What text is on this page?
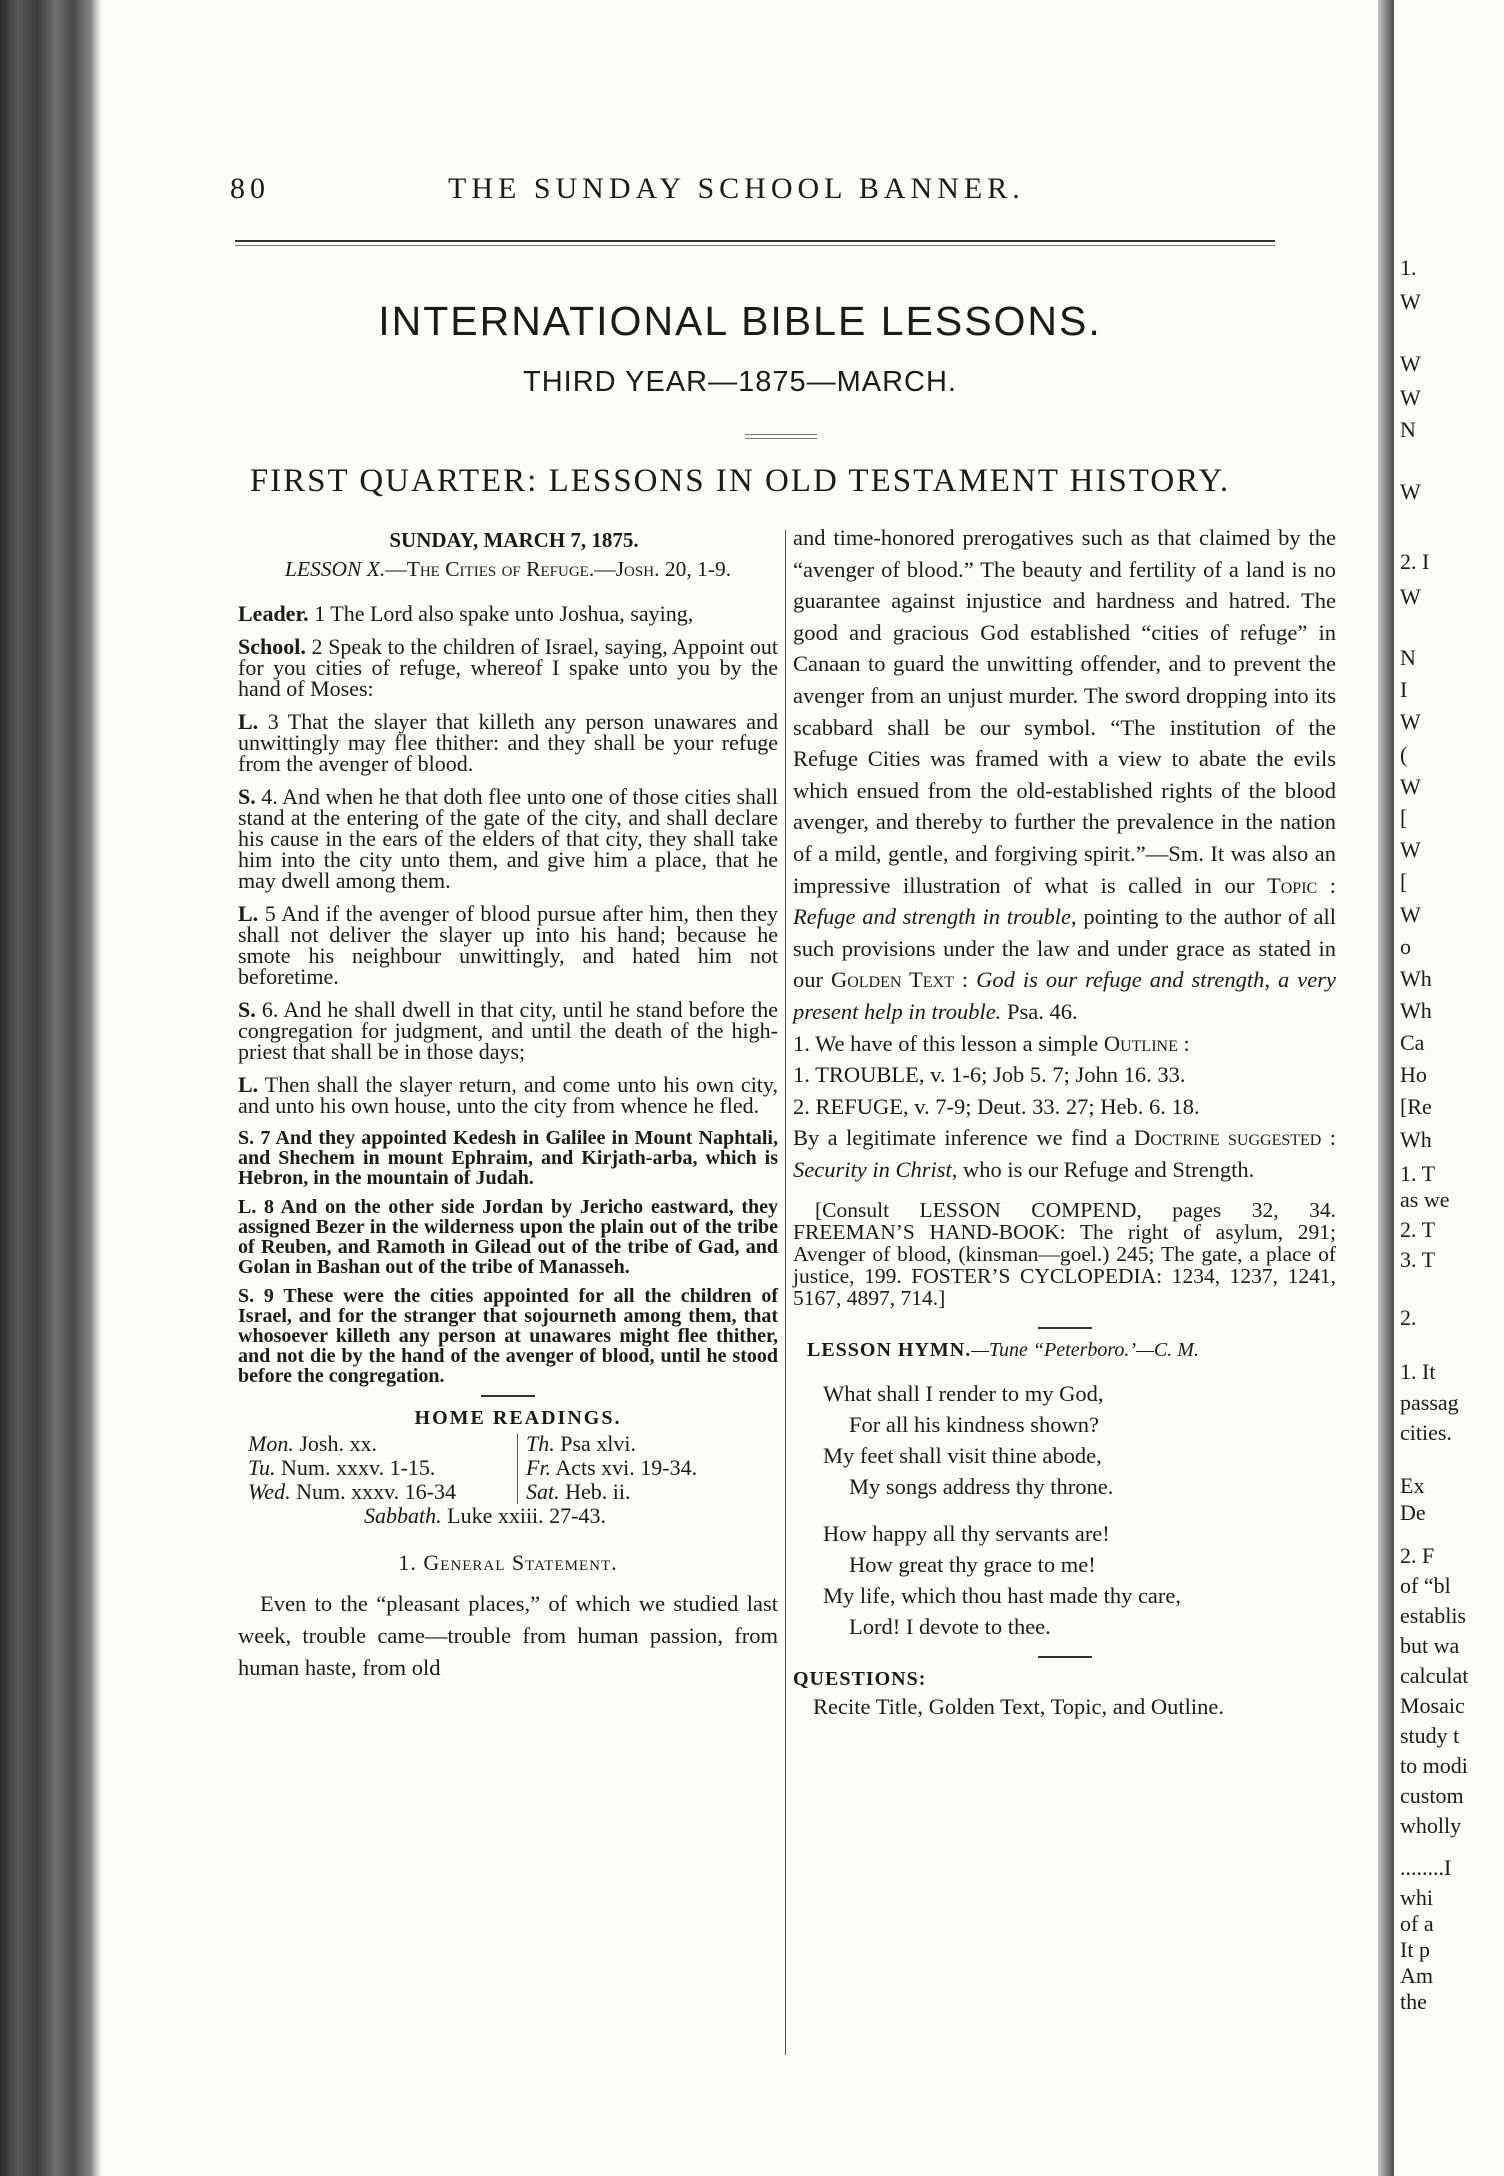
1.
W
W
W
N
W
2. I
W
N
I
W
(
W
[
W
[
W
o
Wh
Wh
Ca
Ho
[Re
Wh
1. T
as we
2. T
3. T
2.
1. It
passag
cities.
Ex
De
2. F
of “bl
establis
but wa
calculat
Mosaic
study t
to modi
custom
wholly
........I
whi
of a
It p
Am
the
80	THE SUNDAY SCHOOL BANNER.
INTERNATIONAL BIBLE LESSONS.
THIRD YEAR—1875—MARCH.
FIRST QUARTER: LESSONS IN OLD TESTAMENT HISTORY.
SUNDAY, MARCH 7, 1875.
LESSON X.—The Cities of Refuge.—Josh. 20, 1-9.

Leader. 1 The Lord also spake unto Joshua, saying,

School. 2 Speak to the children of Israel, saying, Appoint out for you cities of refuge, whereof I spake unto you by the hand of Moses:

L. 3 That the slayer that killeth any person unawares and unwittingly may flee thither: and they shall be your refuge from the avenger of blood.

S. 4. And when he that doth flee unto one of those cities shall stand at the entering of the gate of the city, and shall declare his cause in the ears of the elders of that city, they shall take him into the city unto them, and give him a place, that he may dwell among them.

L. 5 And if the avenger of blood pursue after him, then they shall not deliver the slayer up into his hand; because he smote his neighbour unwittingly, and hated him not beforetime.

S. 6. And he shall dwell in that city, until he stand before the congregation for judgment, and until the death of the high-priest that shall be in those days;

L. Then shall the slayer return, and come unto his own city, and unto his own house, unto the city from whence he fled.

S. 7 And they appointed Kedesh in Galilee in Mount Naphtali, and Shechem in mount Ephraim, and Kirjath-arba, which is Hebron, in the mountain of Judah.

L. 8 And on the other side Jordan by Jericho eastward, they assigned Bezer in the wilderness upon the plain out of the tribe of Reuben, and Ramoth in Gilead out of the tribe of Gad, and Golan in Bashan out of the tribe of Manasseh.

S. 9 These were the cities appointed for all the children of Israel, and for the stranger that sojourneth among them, that whosoever killeth any person at unawares might flee thither, and not die by the hand of the avenger of blood, until he stood before the congregation.

HOME READINGS.
Mon. Josh. xx.
Tu. Num. xxxv. 1-15.
Wed. Num. xxxv. 16-34
Th. Psa xlvi.
Fr. Acts xvi. 19-34.
Sat. Heb. ii.
Sabbath. Luke xxiii. 27-43.
1. General Statement.

Even to the “pleasant places,” of which we studied last week, trouble came—trouble from human passion, from human haste, from old

and time-honored prerogatives such as that claimed by the “avenger of blood.” The beauty and fertility of a land is no guarantee against injustice and hardness and hatred. The good and gracious God established “cities of refuge” in Canaan to guard the unwitting offender, and to prevent the avenger from an unjust murder. The sword dropping into its scabbard shall be our symbol. “The institution of the Refuge Cities was framed with a view to abate the evils which ensued from the old-established rights of the blood avenger, and thereby to further the prevalence in the nation of a mild, gentle, and forgiving spirit.”—Sm. It was also an impressive illustration of what is called in our Topic : Refuge and strength in trouble, pointing to the author of all such provisions under the law and under grace as stated in our Golden Text : God is our refuge and strength, a very present help in trouble. Psa. 46.

1. We have of this lesson a simple Outline :

1. TROUBLE, v. 1-6; Job 5. 7; John 16. 33.

2. REFUGE, v. 7-9; Deut. 33. 27; Heb. 6. 18.

By a legitimate inference we find a Doctrine suggested : Security in Christ, who is our Refuge and Strength.

[Consult LESSON COMPEND, pages 32, 34. FREEMAN’S HAND-BOOK: The right of asylum, 291; Avenger of blood, (kinsman—goel.) 245; The gate, a place of justice, 199. FOSTER’S CYCLOPEDIA: 1234, 1237, 1241, 5167, 4897, 714.]

LESSON HYMN.—Tune “Peterboro.’—C. M.
What shall I render to my God,
For all his kindness shown?
My feet shall visit thine abode,
My songs address thy throne.
How happy all thy servants are!
How great thy grace to me!
My life, which thou hast made thy care,
Lord! I devote to thee.
QUESTIONS:
Recite Title, Golden Text, Topic, and Outline.
